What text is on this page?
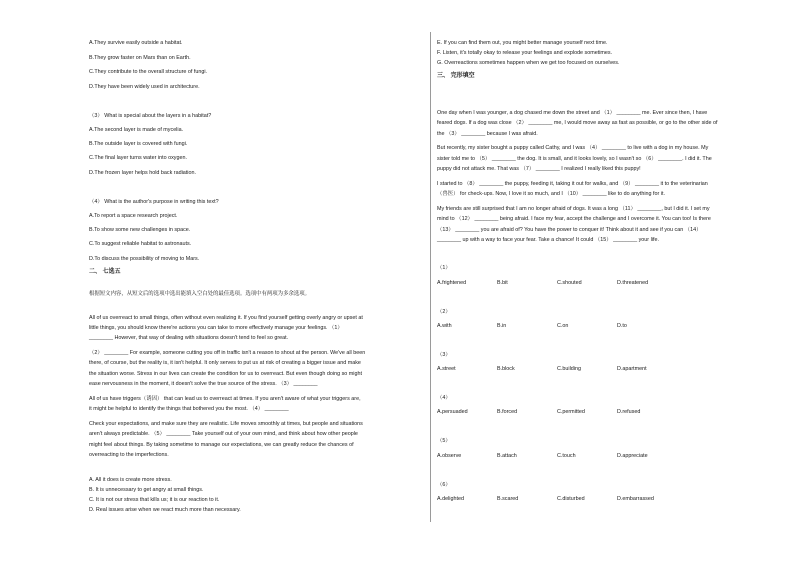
A.They survive easily outside a habitat.

B.They grow faster on Mars than on Earth.

C.They contribute to the overall structure of fungi.

D.They have been widely used in architecture.

（3） What is special about the layers in a habitat?

A.The second layer is made of mycelia.

B.The outside layer is covered with fungi.

C.The final layer turns water into oxygen.

D.The frozen layer helps hold back radiation.

（4） What is the author's purpose in writing this text?

A.To report a space research project.

B.To show some new challenges in space.

C.To suggest reliable habitat to astronauts.

D.To discuss the possibility of moving to Mars.

二、 七选五

根据短文内容，从短文后的选项中选出能填入空白处的最佳选项。选项中有两项为多余选项。

All of us overreact to small things, often without even realizing it. If you find yourself getting overly angry or upset at

little things, you should know there're actions you can take to more effectively manage your feelings. （1）

________ However, that way of dealing with situations doesn't tend to feel so great.

（2） ________ For example, someone cutting you off in traffic isn't a reason to shout at the person. We've all been

there, of course, but the reality is, it isn't helpful. It only serves to put us at risk of creating a bigger issue and make

the situation worse. Stress in our lives can create the condition for us to overreact. But even though doing so might

ease nervousness in the moment, it doesn't solve the true source of the stress. （3） ________

All of us have triggers（诱因） that can lead us to overreact at times. If you aren't aware of what your triggers are,

it might be helpful to identify the things that bothered you the most. （4） ________

Check your expectations, and make sure they are realistic. Life moves smoothly at times, but people and situations

aren't always predictable. （5） ________ Take yourself out of your own mind, and think about how other people

might feel about things. By taking sometime to manage our expectations, we can greatly reduce the chances of

overreacting to the imperfections.

A. All it does is create more stress.

B. It is unnecessary to get angry at small things.

C. It is not our stress that kills us; it is our reaction to it.

D. Real issues arise when we react much more than necessary.

E. If you can find them out, you might better manage yourself next time.

F. Listen, it's totally okay to release your feelings and explode sometimes.

G. Overreactions sometimes happen when we get too focused on ourselves.

三、 完形填空

One day when I was younger, a dog chased me down the street and （1） ________ me. Ever since then, I have

feared dogs. If a dog was close （2） ________ me, I would move away as fast as possible, or go to the other side of

the （3） ________ because I was afraid.

But recently, my sister bought a puppy called Cathy, and I was （4） ________ to live with a dog in my house. My

sister told me to （5） ________ the dog. It is small, and it looks lovely, so I wasn't so （6） ________. I did it. The

puppy did not attack me. That was （7） ________ I realized I really liked this puppy!

I started to （8） ________ the puppy, feeding it, taking it out for walks, and （9） ________ it to the veterinarian

（兽医） for check-ups. Now, I love it so much, and I （10） ________ like to do anything for it.

My friends are still surprised that I am no longer afraid of dogs. It was a long （11） ________, but I did it. I set my

mind to （12） ________ being afraid. I face my fear, accept the challenge and I overcome it. You can too! Is there

（13） ________ you are afraid of? You have the power to conquer it! Think about it and see if you can （14）

________ up with a way to face your fear. Take a chance! It could （15） ________ your life.

（1）

A.frightened	B.bit	C.shouted	D.threatened

（2）

A.with	B.in	C.on	D.to

（3）

A.street	B.block	C.building	D.apartment

（4）

A.persuaded	B.forced	C.permitted	D.refused

（5）

A.observe	B.attach	C.touch	D.appreciate

（6）

A.delighted	B.scared	C.disturbed	D.embarrassed
